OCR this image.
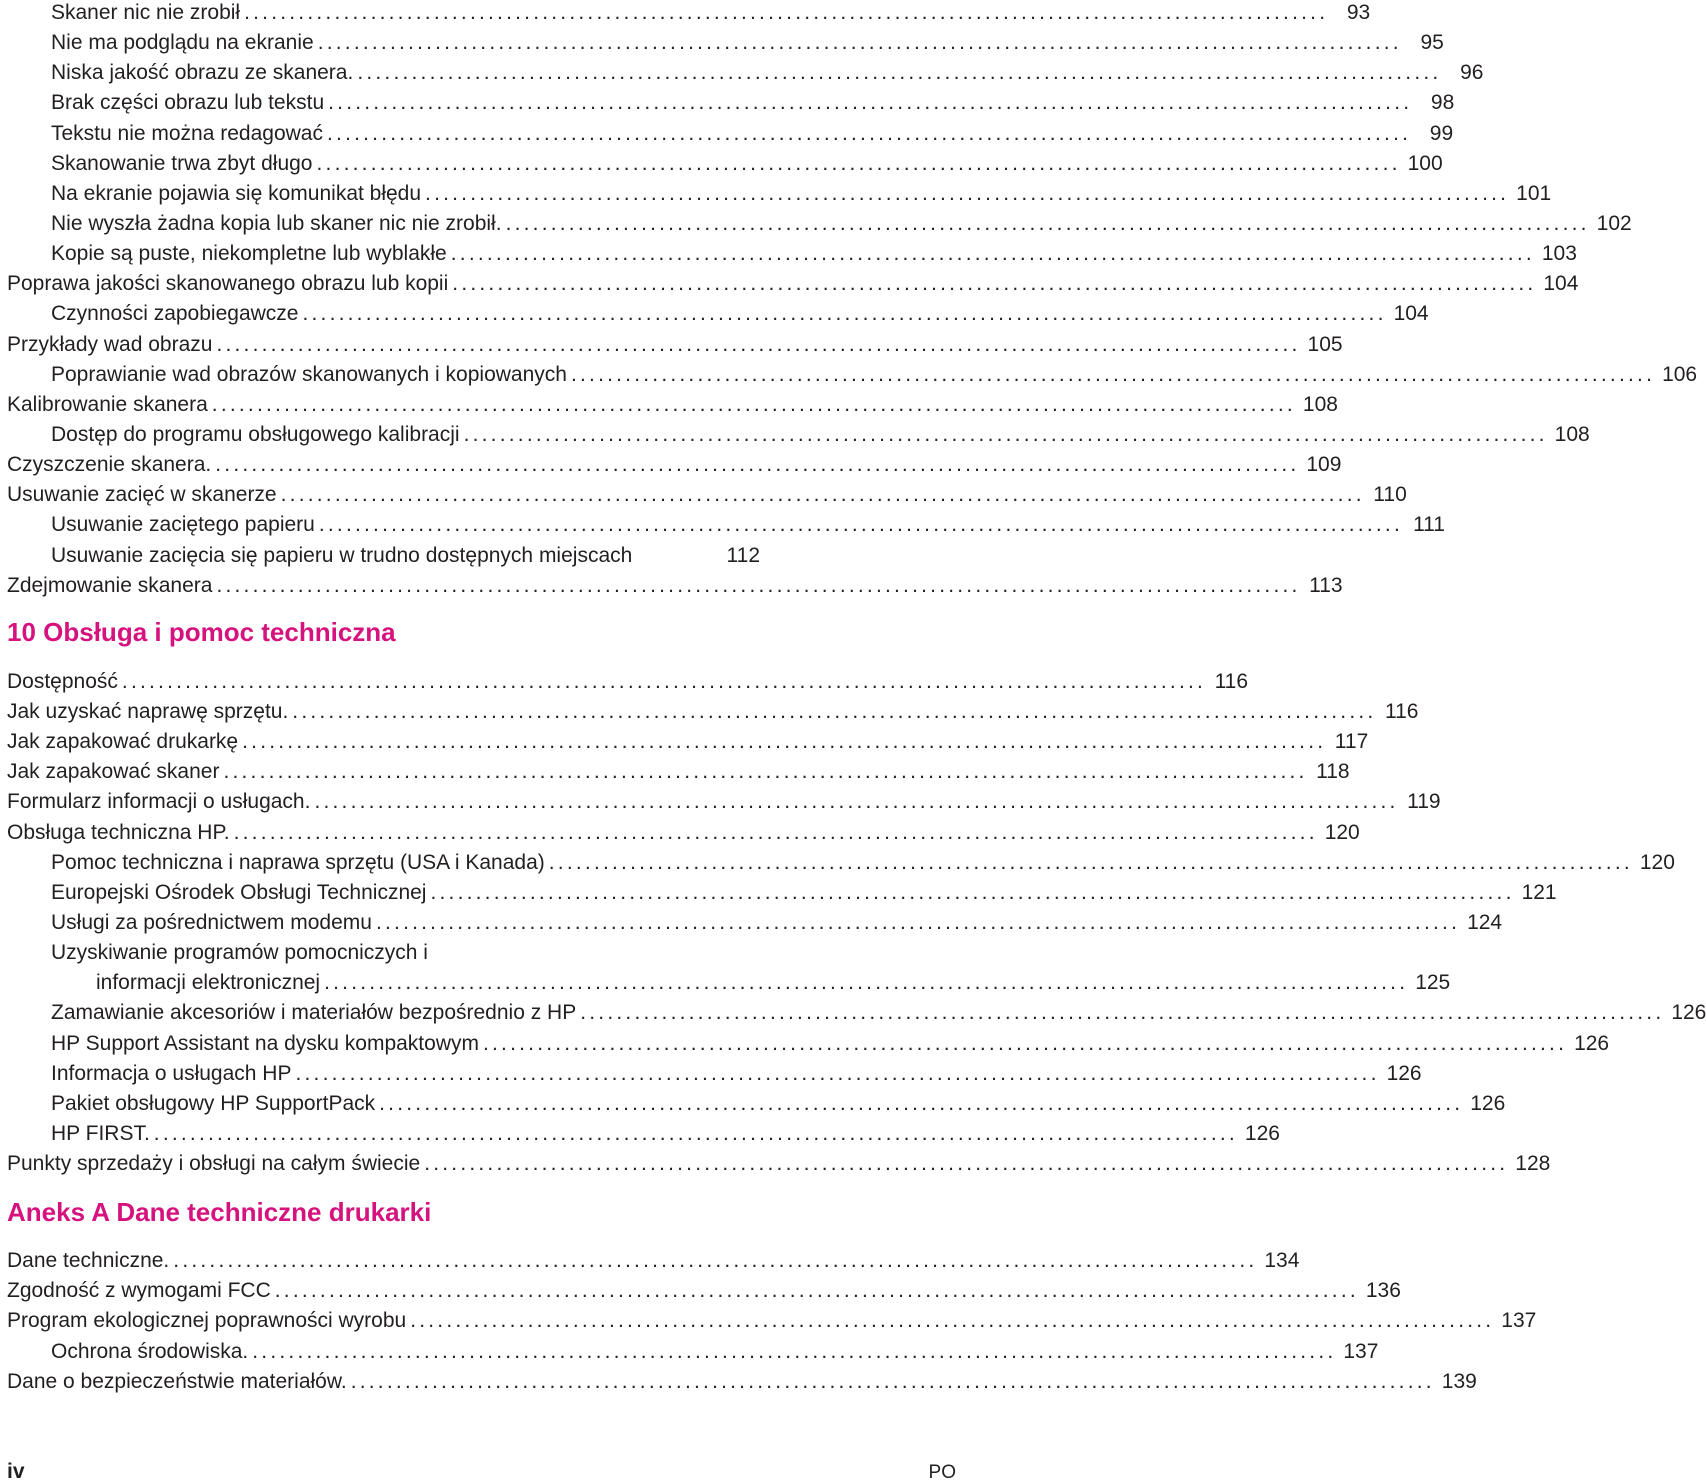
Skaner nic nie zrobił ........................................................................................................................ 93
Nie ma podglądu na ekranie ........................................................................................................................ 95
Niska jakość obrazu ze skanera. ........................................................................................................................ 96
Brak części obrazu lub tekstu ........................................................................................................................ 98
Tekstu nie można redagować ........................................................................................................................ 99
Skanowanie trwa zbyt długo ........................................................................................................................ 100
Na ekranie pojawia się komunikat błędu ........................................................................................................................ 101
Nie wyszła żadna kopia lub skaner nic nie zrobił. ........................................................................................................................ 102
Kopie są puste, niekompletne lub wyblakłe ........................................................................................................................ 103
Poprawa jakości skanowanego obrazu lub kopii ........................................................................................................................ 104
Czynności zapobiegawcze ........................................................................................................................ 104
Przykłady wad obrazu ........................................................................................................................ 105
Poprawianie wad obrazów skanowanych i kopiowanych ........................................................................................................................ 106
Kalibrowanie skanera ........................................................................................................................ 108
Dostęp do programu obsługowego kalibracji ........................................................................................................................ 108
Czyszczenie skanera. ........................................................................................................................ 109
Usuwanie zacięć w skanerze ........................................................................................................................ 110
Usuwanie zaciętego papieru ........................................................................................................................ 111
Usuwanie zacięcia się papieru w trudno dostępnych miejscach	112
Zdejmowanie skanera ........................................................................................................................ 113
10 Obsługa i pomoc techniczna
Dostępność ........................................................................................................................ 116
Jak uzyskać naprawę sprzętu. ........................................................................................................................ 116
Jak zapakować drukarkę ........................................................................................................................ 117
Jak zapakować skaner ........................................................................................................................ 118
Formularz informacji o usługach. ........................................................................................................................ 119
Obsługa techniczna HP. ........................................................................................................................ 120
Pomoc techniczna i naprawa sprzętu (USA i Kanada) ........................................................................................................................ 120
Europejski Ośrodek Obsługi Technicznej ........................................................................................................................ 121
Usługi za pośrednictwem modemu ........................................................................................................................ 124
Uzyskiwanie programów pomocniczych i
informacji elektronicznej ........................................................................................................................ 125
Zamawianie akcesoriów i materiałów bezpośrednio z HP ........................................................................................................................ 126
HP Support Assistant na dysku kompaktowym ........................................................................................................................ 126
Informacja o usługach HP ........................................................................................................................ 126
Pakiet obsługowy HP SupportPack ........................................................................................................................ 126
HP FIRST. ........................................................................................................................ 126
Punkty sprzedaży i obsługi na całym świecie ........................................................................................................................ 128
Aneks A Dane techniczne drukarki
Dane techniczne. ........................................................................................................................ 134
Zgodność z wymogami FCC ........................................................................................................................ 136
Program ekologicznej poprawności wyrobu ........................................................................................................................ 137
Ochrona środowiska. ........................................................................................................................ 137
Dane o bezpieczeństwie materiałów. ........................................................................................................................ 139
iv	PO
